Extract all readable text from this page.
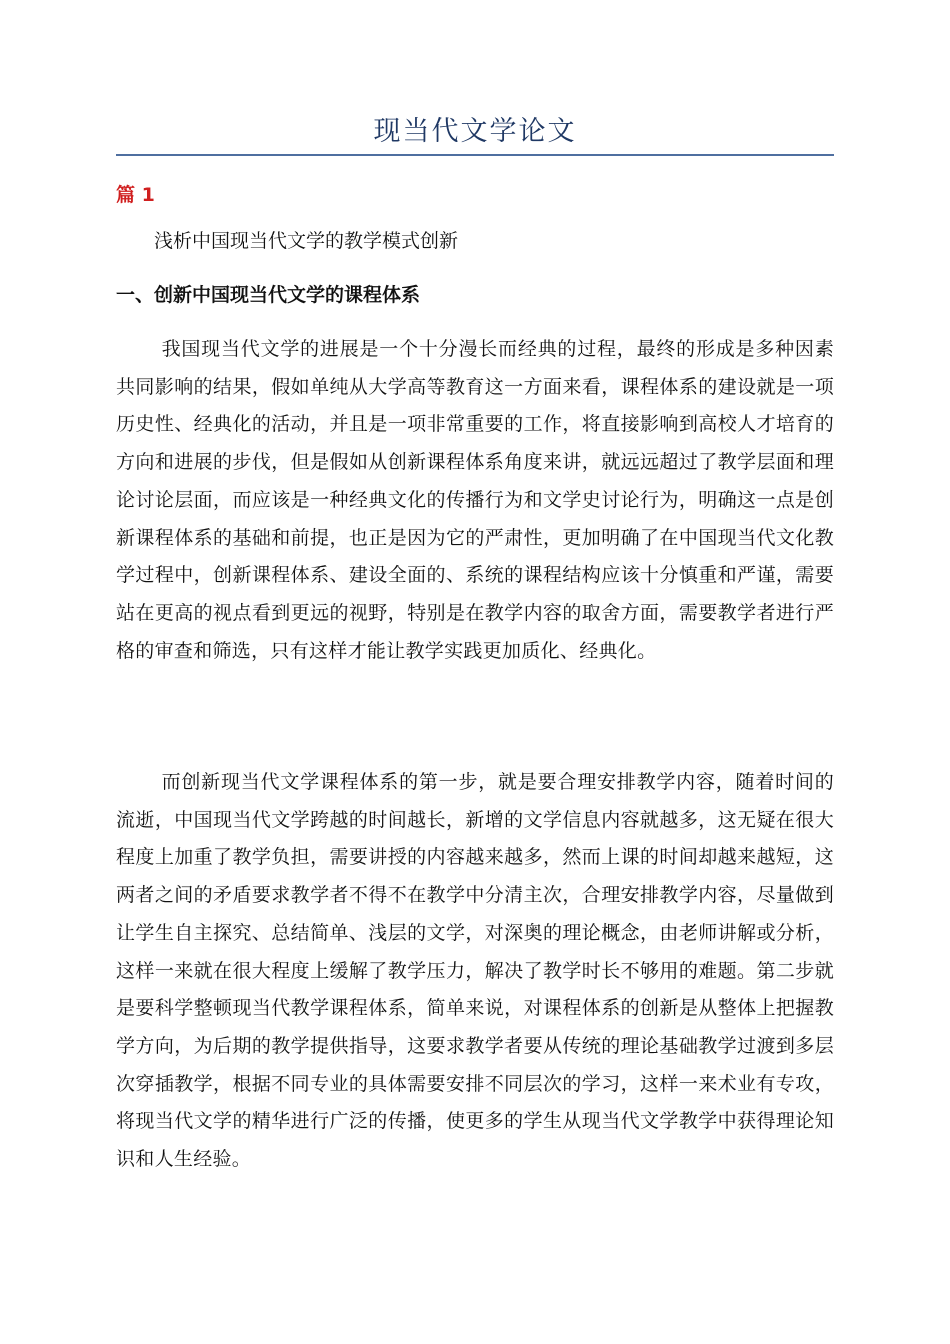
现当代文学论文

篇 1

浅析中国现当代文学的教学模式创新

一、创新中国现当代文学的课程体系

我国现当代文学的进展是一个十分漫长而经典的过程，最终的形成是多种因素共同影响的结果，假如单纯从大学高等教育这一方面来看，课程体系的建设就是一项历史性、经典化的活动，并且是一项非常重要的工作，将直接影响到高校人才培育的方向和进展的步伐，但是假如从创新课程体系角度来讲，就远远超过了教学层面和理论讨论层面，而应该是一种经典文化的传播行为和文学史讨论行为，明确这一点是创新课程体系的基础和前提，也正是因为它的严肃性，更加明确了在中国现当代文化教学过程中，创新课程体系、建设全面的、系统的课程结构应该十分慎重和严谨，需要站在更高的视点看到更远的视野，特别是在教学内容的取舍方面，需要教学者进行严格的审查和筛选，只有这样才能让教学实践更加质化、经典化。

而创新现当代文学课程体系的第一步，就是要合理安排教学内容，随着时间的流逝，中国现当代文学跨越的时间越长，新增的文学信息内容就越多，这无疑在很大程度上加重了教学负担，需要讲授的内容越来越多，然而上课的时间却越来越短，这两者之间的矛盾要求教学者不得不在教学中分清主次，合理安排教学内容，尽量做到让学生自主探究、总结简单、浅层的文学，对深奥的理论概念，由老师讲解或分析，这样一来就在很大程度上缓解了教学压力，解决了教学时长不够用的难题。第二步就是要科学整顿现当代教学课程体系，简单来说，对课程体系的创新是从整体上把握教学方向，为后期的教学提供指导，这要求教学者要从传统的理论基础教学过渡到多层次穿插教学，根据不同专业的具体需要安排不同层次的学习，这样一来术业有专攻，将现当代文学的精华进行广泛的传播，使更多的学生从现当代文学教学中获得理论知识和人生经验。
